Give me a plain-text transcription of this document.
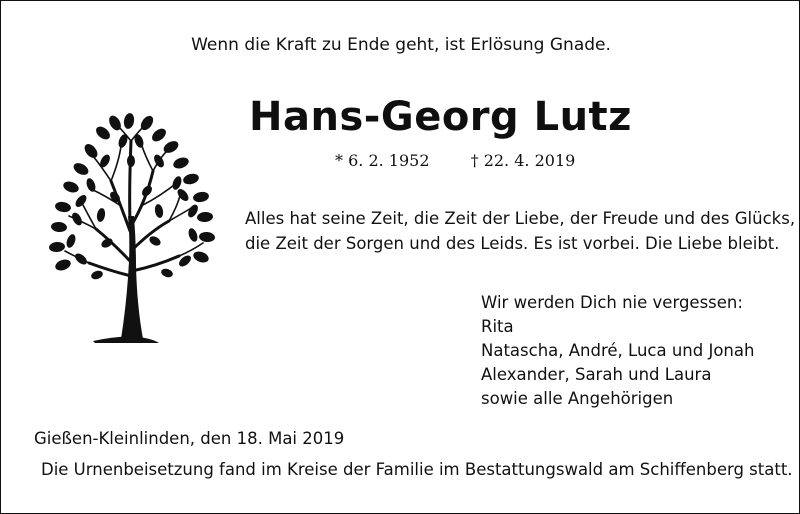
Wenn die Kraft zu Ende geht, ist Erlösung Gnade.
Hans-Georg Lutz
* 6. 2. 1952	† 22. 4. 2019
Alles hat seine Zeit, die Zeit der Liebe, der Freude und des Glücks,
die Zeit der Sorgen und des Leids. Es ist vorbei. Die Liebe bleibt.
Wir werden Dich nie vergessen:
Rita
Natascha, André, Luca und Jonah
Alexander, Sarah und Laura
sowie alle Angehörigen
Gießen-Kleinlinden, den 18. Mai 2019
Die Urnenbeisetzung fand im Kreise der Familie im Bestattungswald am Schiffenberg statt.
